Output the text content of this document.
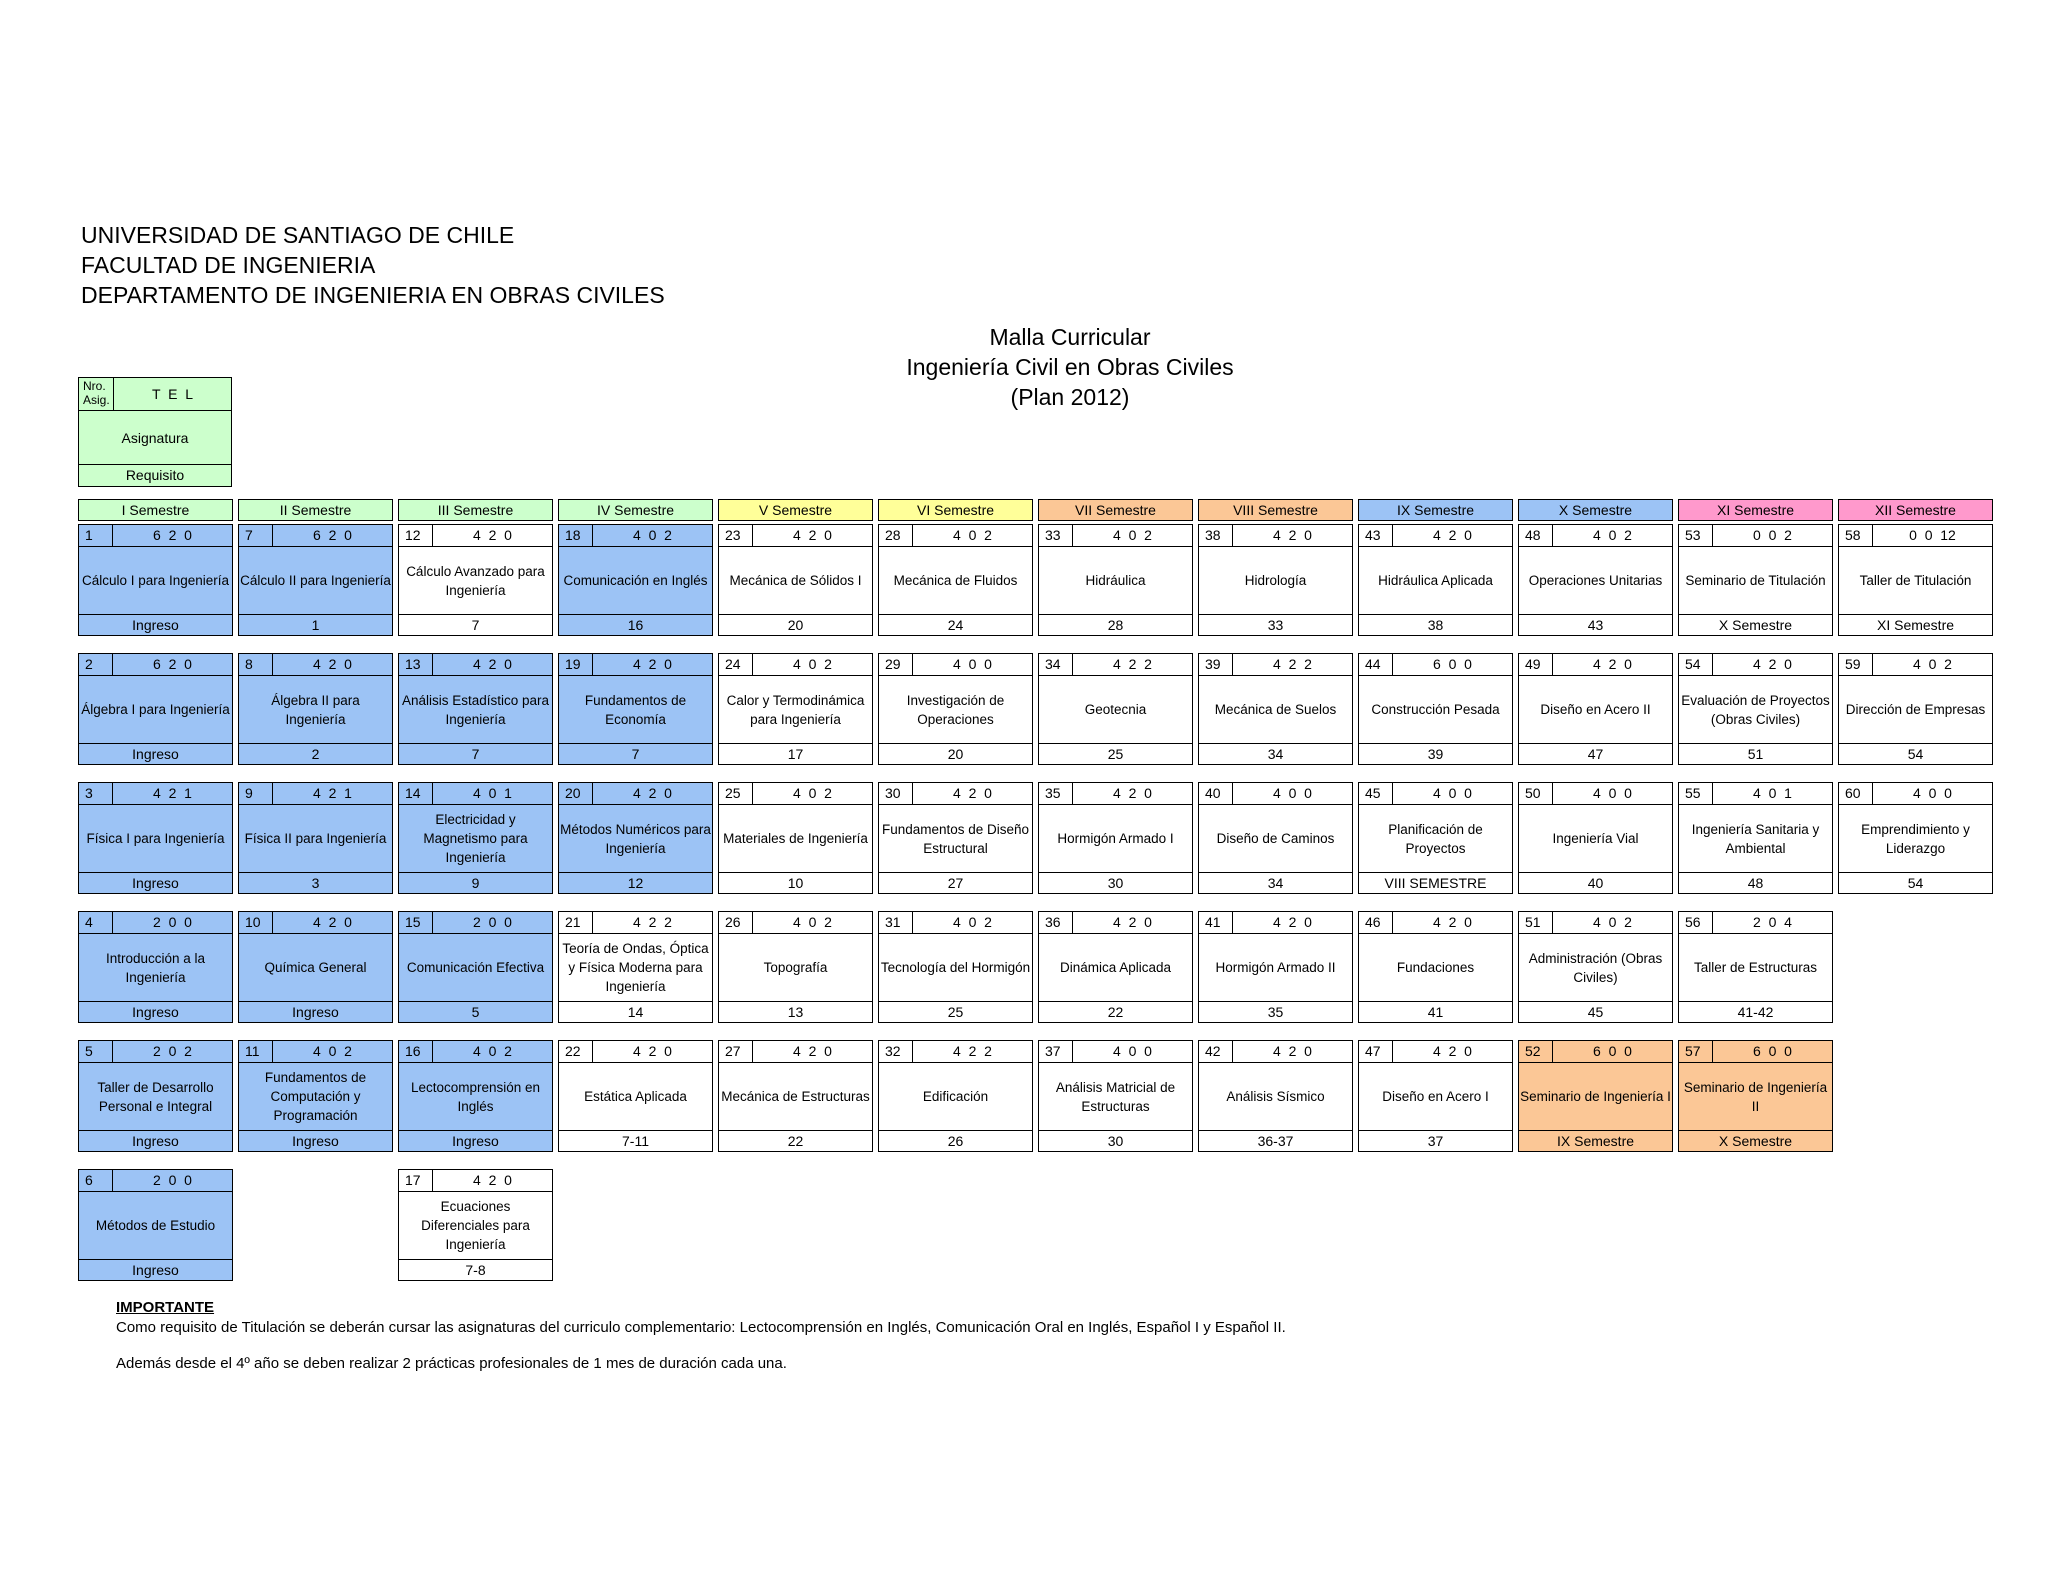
UNIVERSIDAD DE SANTIAGO DE CHILE
FACULTAD DE INGENIERIA
DEPARTAMENTO DE INGENIERIA EN OBRAS CIVILES
Malla Curricular
Ingeniería Civil en Obras Civiles
(Plan 2012)
Nro. Asig.	T  E  L
Asignatura
Requisito
I Semestre	II Semestre	III Semestre	IV Semestre	V Semestre	VI Semestre	VII Semestre	VIII Semestre	IX Semestre	X Semestre	XI Semestre	XII Semestre
1	6  2  0
Cálculo I para Ingeniería
Ingreso
7	6  2  0
Cálculo II para Ingeniería
1
12	4  2  0
Cálculo Avanzado para Ingeniería
7
18	4  0  2
Comunicación en Inglés
16
23	4  2  0
Mecánica de Sólidos I
20
28	4  0  2
Mecánica de Fluidos
24
33	4  0  2
Hidráulica
28
38	4  2  0
Hidrología
33
43	4  2  0
Hidráulica Aplicada
38
48	4  0  2
Operaciones Unitarias
43
53	0  0  2
Seminario de Titulación
X Semestre
58	0  0  12
Taller de Titulación
XI Semestre
2	6  2  0
Álgebra I para Ingeniería
Ingreso
8	4  2  0
Álgebra II para Ingeniería
2
13	4  2  0
Análisis Estadístico para Ingeniería
7
19	4  2  0
Fundamentos de Economía
7
24	4  0  2
Calor y Termodinámica para Ingeniería
17
29	4  0  0
Investigación de Operaciones
20
34	4  2  2
Geotecnia
25
39	4  2  2
Mecánica de Suelos
34
44	6  0  0
Construcción Pesada
39
49	4  2  0
Diseño en Acero II
47
54	4  2  0
Evaluación de Proyectos (Obras Civiles)
51
59	4  0  2
Dirección de Empresas
54
3	4  2  1
Física I para Ingeniería
Ingreso
9	4  2  1
Física II para Ingeniería
3
14	4  0  1
Electricidad y Magnetismo para Ingeniería
9
20	4  2  0
Métodos Numéricos para Ingeniería
12
25	4  0  2
Materiales de Ingeniería
10
30	4  2  0
Fundamentos de Diseño Estructural
27
35	4  2  0
Hormigón Armado I
30
40	4  0  0
Diseño de Caminos
34
45	4  0  0
Planificación de Proyectos
VIII SEMESTRE
50	4  0  0
Ingeniería Vial
40
55	4  0  1
Ingeniería Sanitaria y Ambiental
48
60	4  0  0
Emprendimiento y Liderazgo
54
4	2  0  0
Introducción a la Ingeniería
Ingreso
10	4  2  0
Química General
Ingreso
15	2  0  0
Comunicación Efectiva
5
21	4  2  2
Teoría de Ondas, Óptica y Física Moderna para Ingeniería
14
26	4  0  2
Topografía
13
31	4  0  2
Tecnología del Hormigón
25
36	4  2  0
Dinámica Aplicada
22
41	4  2  0
Hormigón Armado II
35
46	4  2  0
Fundaciones
41
51	4  0  2
Administración (Obras Civiles)
45
56	2  0  4
Taller de Estructuras
41-42
5	2  0  2
Taller de Desarrollo Personal e Integral
Ingreso
11	4  0  2
Fundamentos de Computación y Programación
Ingreso
16	4  0  2
Lectocomprensión en Inglés
Ingreso
22	4  2  0
Estática Aplicada
7-11
27	4  2  0
Mecánica de Estructuras
22
32	4  2  2
Edificación
26
37	4  0  0
Análisis Matricial de Estructuras
30
42	4  2  0
Análisis Sísmico
36-37
47	4  2  0
Diseño en Acero I
37
52	6  0  0
Seminario de Ingeniería I
IX Semestre
57	6  0  0
Seminario de Ingeniería II
X Semestre
6	2  0  0
Métodos de Estudio
Ingreso
17	4  2  0
Ecuaciones Diferenciales para Ingeniería
7-8

IMPORTANTE

Como requisito de Titulación se deberán cursar las asignaturas del curriculo complementario: Lectocomprensión en Inglés, Comunicación Oral en Inglés, Español I y Español II.

Además desde el 4º año se deben realizar 2 prácticas profesionales de 1 mes de duración cada una.
